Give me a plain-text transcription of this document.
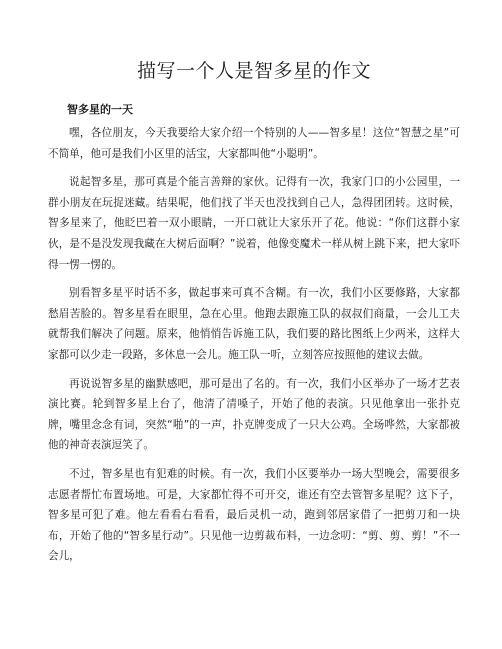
描写一个人是智多星的作文
智多星的一天

嘿，各位朋友，今天我要给大家介绍一个特别的人——智多星！这位“智慧之星”可不简单，他可是我们小区里的活宝，大家都叫他“小聪明”。

说起智多星，那可真是个能言善辩的家伙。记得有一次，我家门口的小公园里，一群小朋友在玩捉迷藏。结果呢，他们找了半天也没找到自己人，急得团团转。这时候，智多星来了，他眨巴着一双小眼睛，一开口就让大家乐开了花。他说：“你们这群小家伙，是不是没发现我藏在大树后面啊？”说着，他像变魔术一样从树上跳下来，把大家吓得一愣一愣的。

别看智多星平时话不多，做起事来可真不含糊。有一次，我们小区要修路，大家都愁眉苦脸的。智多星看在眼里，急在心里。他跑去跟施工队的叔叔们商量，一会儿工夫就帮我们解决了问题。原来，他悄悄告诉施工队，我们要的路比图纸上少两米，这样大家都可以少走一段路，多休息一会儿。施工队一听，立刻答应按照他的建议去做。

再说说智多星的幽默感吧，那可是出了名的。有一次，我们小区举办了一场才艺表演比赛。轮到智多星上台了，他清了清嗓子，开始了他的表演。只见他拿出一张扑克牌，嘴里念念有词，突然“啪”的一声，扑克牌变成了一只大公鸡。全场哗然，大家都被他的神奇表演逗笑了。

不过，智多星也有犯难的时候。有一次，我们小区要举办一场大型晚会，需要很多志愿者帮忙布置场地。可是，大家都忙得不可开交，谁还有空去管智多星呢？这下子，智多星可犯了难。他左看看右看看，最后灵机一动，跑到邻居家借了一把剪刀和一块布，开始了他的“智多星行动”。只见他一边剪裁布料，一边念叨：“剪、剪、剪！”不一会儿，
